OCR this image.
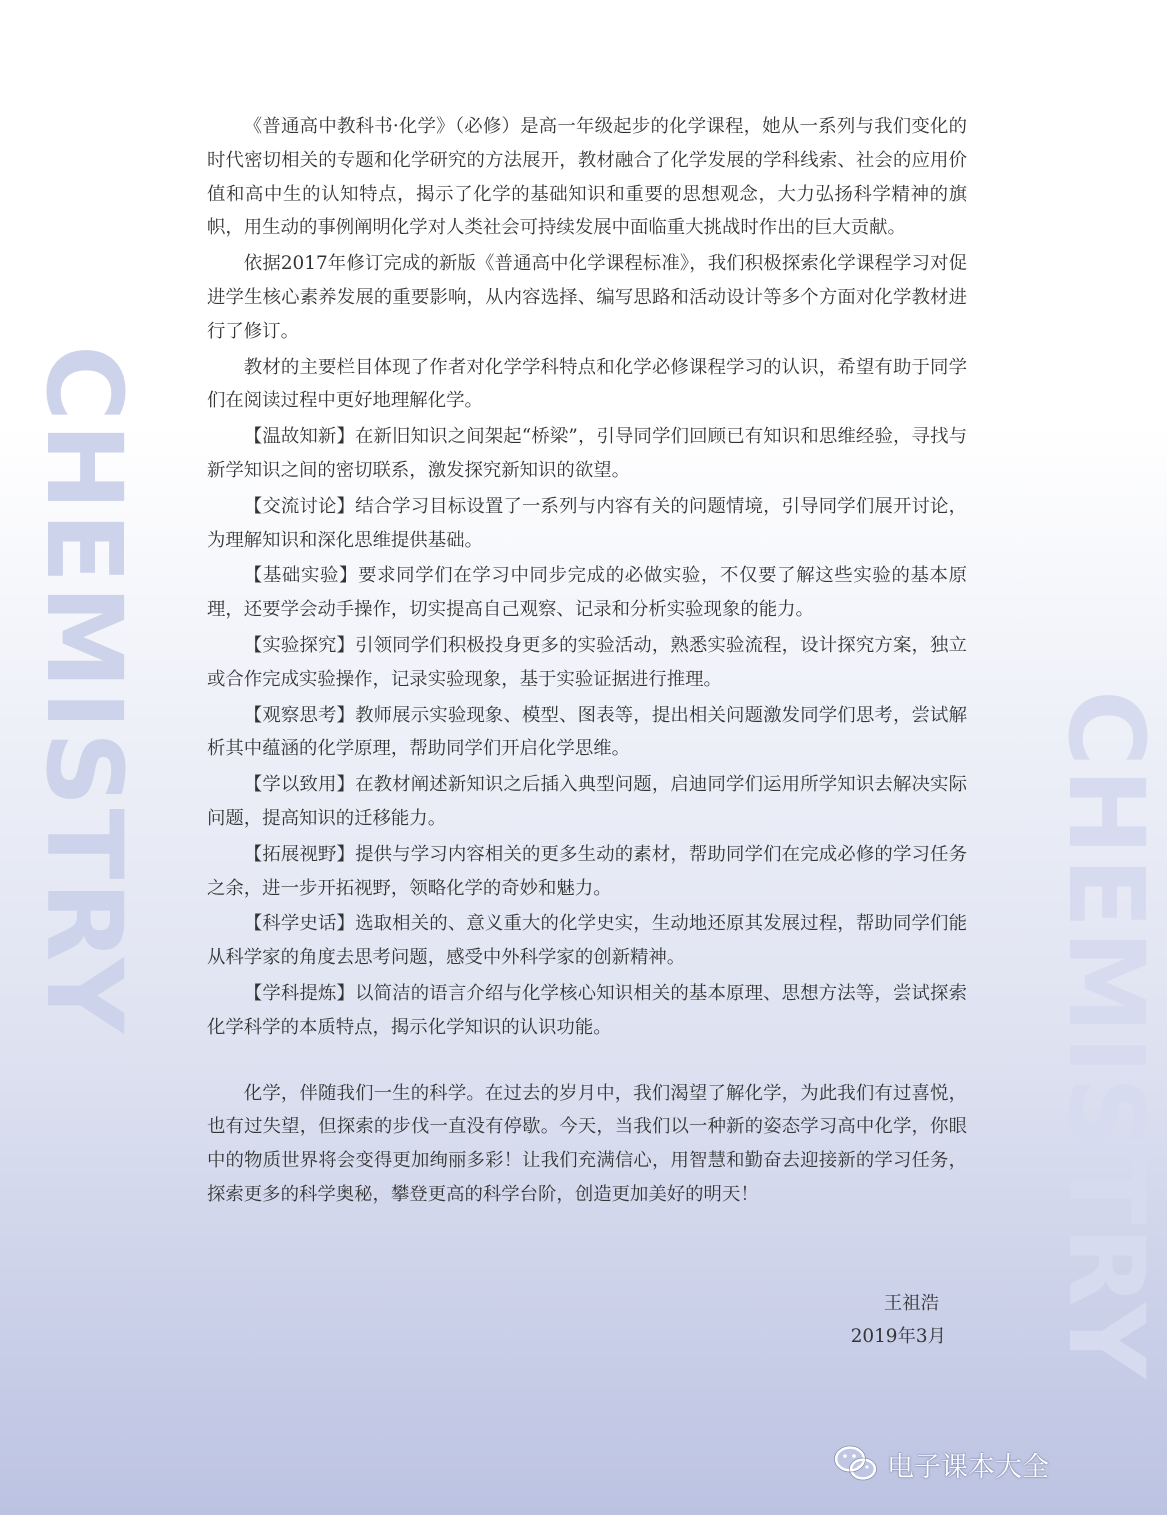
CHEMISTRY	CHEMISTRY

《普通高中教科书·化学》（必修）是高一年级起步的化学课程，她从一系列与我们变化的时代密切相关的专题和化学研究的方法展开，教材融合了化学发展的学科线索、社会的应用价值和高中生的认知特点，揭示了化学的基础知识和重要的思想观念，大力弘扬科学精神的旗帜，用生动的事例阐明化学对人类社会可持续发展中面临重大挑战时作出的巨大贡献。

依据2017年修订完成的新版《普通高中化学课程标准》，我们积极探索化学课程学习对促进学生核心素养发展的重要影响，从内容选择、编写思路和活动设计等多个方面对化学教材进行了修订。

教材的主要栏目体现了作者对化学学科特点和化学必修课程学习的认识，希望有助于同学们在阅读过程中更好地理解化学。

【温故知新】在新旧知识之间架起“桥梁”，引导同学们回顾已有知识和思维经验，寻找与新学知识之间的密切联系，激发探究新知识的欲望。

【交流讨论】结合学习目标设置了一系列与内容有关的问题情境，引导同学们展开讨论，为理解知识和深化思维提供基础。

【基础实验】要求同学们在学习中同步完成的必做实验，不仅要了解这些实验的基本原理，还要学会动手操作，切实提高自己观察、记录和分析实验现象的能力。

【实验探究】引领同学们积极投身更多的实验活动，熟悉实验流程，设计探究方案，独立或合作完成实验操作，记录实验现象，基于实验证据进行推理。

【观察思考】教师展示实验现象、模型、图表等，提出相关问题激发同学们思考，尝试解析其中蕴涵的化学原理，帮助同学们开启化学思维。

【学以致用】在教材阐述新知识之后插入典型问题，启迪同学们运用所学知识去解决实际问题，提高知识的迁移能力。

【拓展视野】提供与学习内容相关的更多生动的素材，帮助同学们在完成必修的学习任务之余，进一步开拓视野，领略化学的奇妙和魅力。

【科学史话】选取相关的、意义重大的化学史实，生动地还原其发展过程，帮助同学们能从科学家的角度去思考问题，感受中外科学家的创新精神。

【学科提炼】以简洁的语言介绍与化学核心知识相关的基本原理、思想方法等，尝试探索化学科学的本质特点，揭示化学知识的认识功能。

化学，伴随我们一生的科学。在过去的岁月中，我们渴望了解化学，为此我们有过喜悦，也有过失望，但探索的步伐一直没有停歇。今天，当我们以一种新的姿态学习高中化学，你眼中的物质世界将会变得更加绚丽多彩！让我们充满信心，用智慧和勤奋去迎接新的学习任务，探索更多的科学奥秘，攀登更高的科学台阶，创造更加美好的明天！

王祖浩
2019年3月
电子课本大全
